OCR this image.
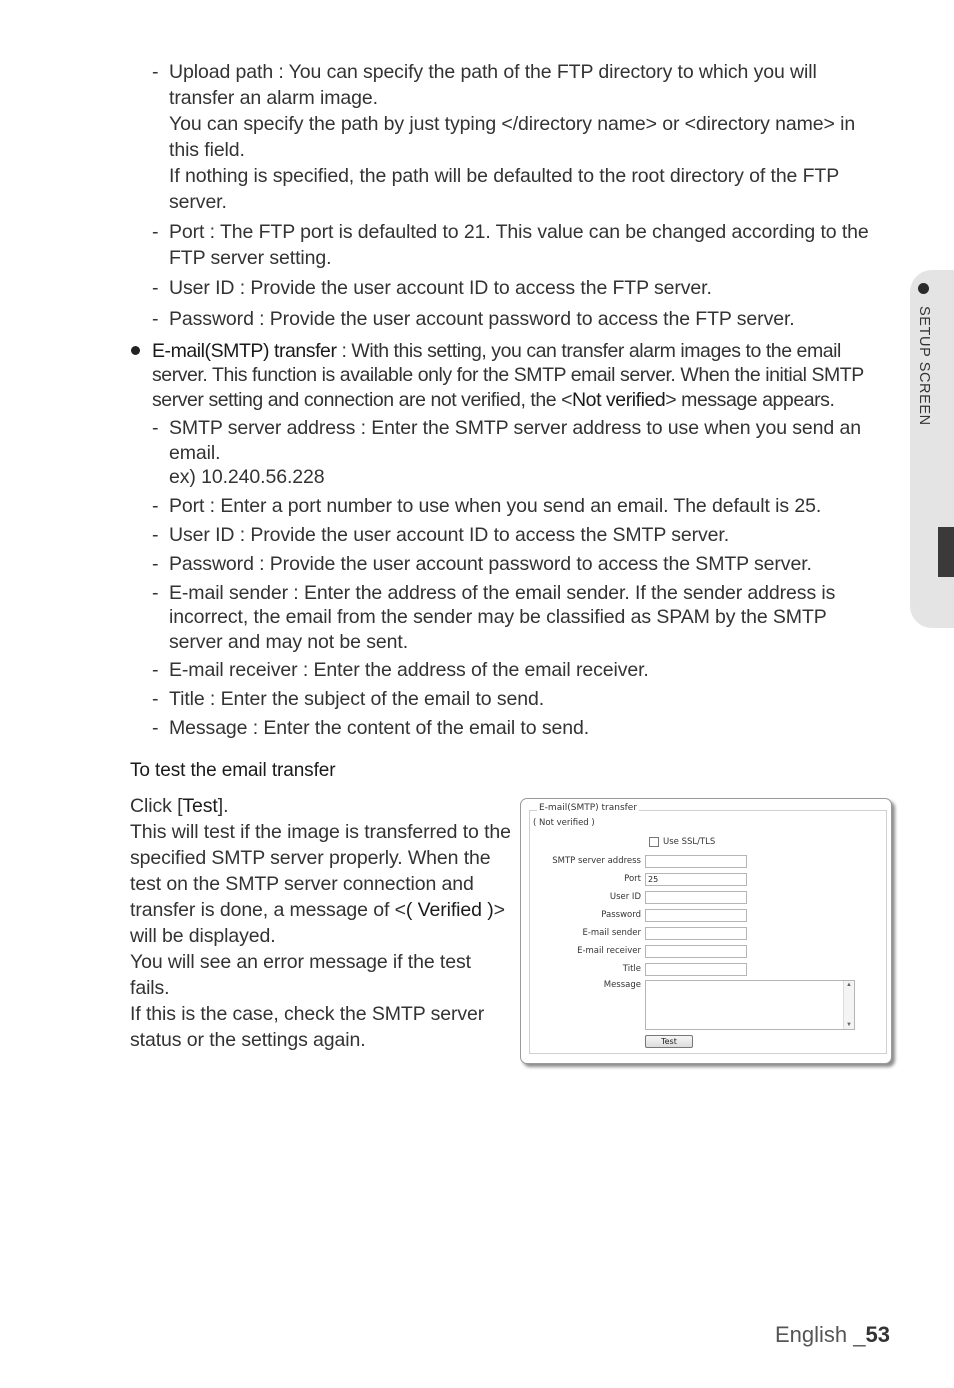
- Upload path : You can specify the path of the FTP directory to which you will
transfer an alarm image.
You can specify the path by just typing </directory name> or <directory name> in
this field.
If nothing is specified, the path will be defaulted to the root directory of the FTP
server.
- Port : The FTP port is defaulted to 21. This value can be changed according to the
FTP server setting.
- User ID : Provide the user account ID to access the FTP server.
- Password : Provide the user account password to access the FTP server.
E-mail(SMTP) transfer : With this setting, you can transfer alarm images to the email
server. This function is available only for the SMTP email server. When the initial SMTP
server setting and connection are not verified, the <Not verified> message appears.
- SMTP server address : Enter the SMTP server address to use when you send an
email.
ex) 10.240.56.228
- Port : Enter a port number to use when you send an email. The default is 25.
- User ID : Provide the user account ID to access the SMTP server.
- Password : Provide the user account password to access the SMTP server.
- E-mail sender : Enter the address of the email sender. If the sender address is
incorrect, the email from the sender may be classified as SPAM by the SMTP
server and may not be sent.
- E-mail receiver : Enter the address of the email receiver.
- Title : Enter the subject of the email to send.
- Message : Enter the content of the email to send.
To test the email transfer
Click [Test].
This will test if the image is transferred to the
specified SMTP server properly. When the
test on the SMTP server connection and
transfer is done, a message of <( Verified )>
will be displayed.
You will see an error message if the test
fails.
If this is the case, check the SMTP server
status or the settings again.
E-mail(SMTP) transfer
( Not verified )
Use SSL/TLS
SMTP server address
Port 25
User ID
Password
E-mail sender
E-mail receiver
Title
Message	▲
▼
Test
SETUP SCREEN
English _53
